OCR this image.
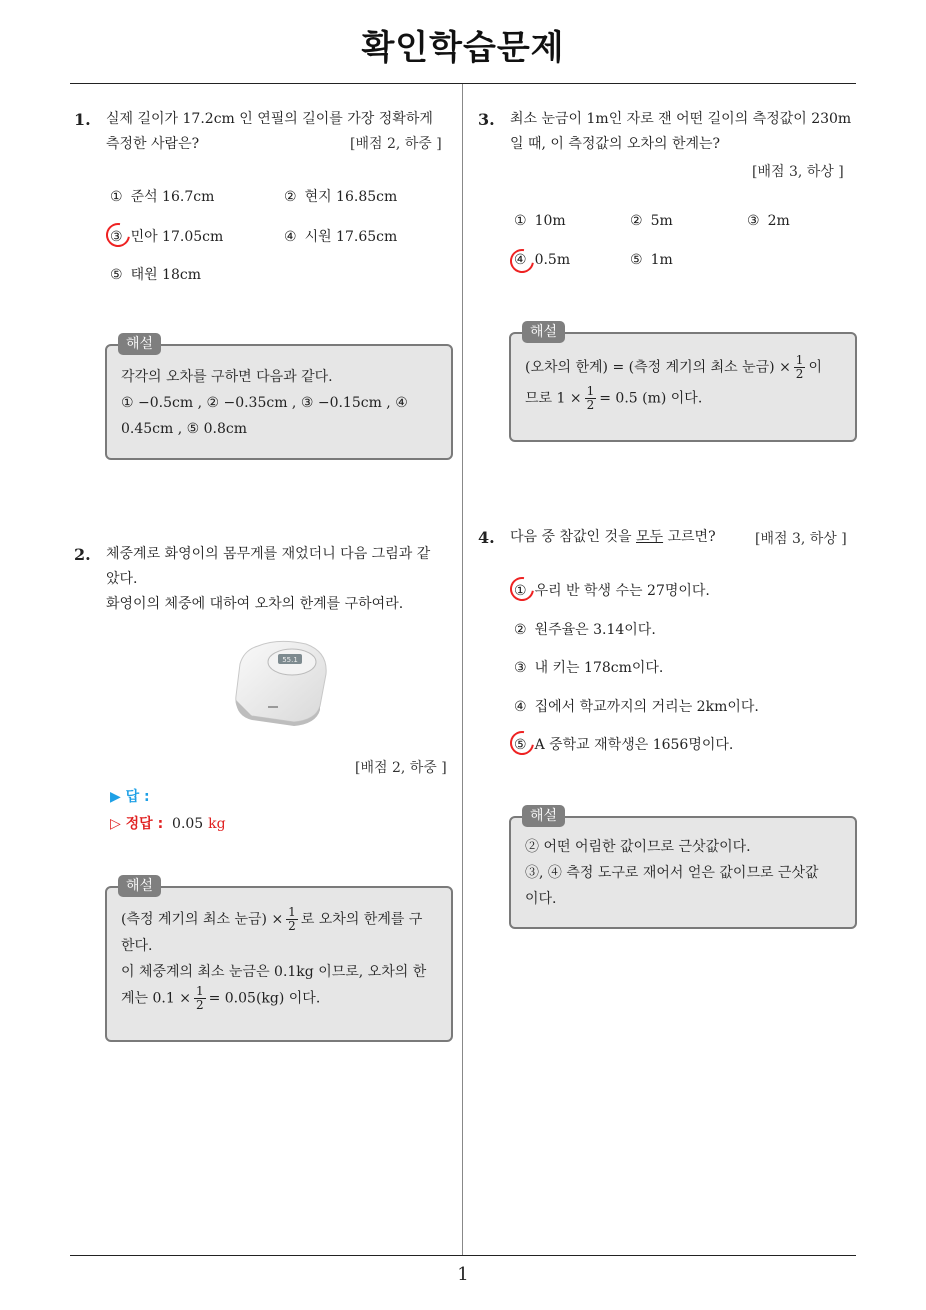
확인학습문제
1. 실제 길이가 17.2cm 인 연필의 길이를 가장 정확하게
측정한 사람은?	[배점 2, 하중 ]
① 준석 16.7cm	② 현지 16.85cm
③ 민아 17.05cm	④ 시원 17.65cm
⑤ 태원 18cm
각각의 오차를 구하면 다음과 같다.
① −0.5cm , ② −0.35cm , ③ −0.15cm , ④
0.45cm , ⑤ 0.8cm
해설
2. 체중계로 화영이의 몸무게를 재었더니 다음 그림과 같
았다.
화영이의 체중에 대하여 오차의 한계를 구하여라.
55.1
[배점 2, 하중 ]
▶ 답 :
▷ 정답 : 0.05 kg
(측정 계기의 최소 눈금) × $\frac{1}{2}$ 로 오차의 한계를 구
한다.
이 체중계의 최소 눈금은 0.1kg 이므로, 오차의 한
계는 $0.1 \times \frac{1}{2} = 0.05(kg)$ 이다.
해설
3. 최소 눈금이 1m인 자로 잰 어떤 길이의 측정값이 230m
일 때, 이 측정값의 오차의 한계는?
[배점 3, 하상 ]
① 10m	② 5m	③ 2m
④ 0.5m	⑤ 1m
(오차의 한계) = (측정 계기의 최소 눈금) × $\frac{1}{2}$ 이
므로 $1 \times \frac{1}{2} = 0.5$ (m) 이다.
해설
4. 다음 중 참값인 것을 모두 고르면?	[배점 3, 하상 ]
① 우리 반 학생 수는 27명이다.
② 원주율은 3.14이다.
③ 내 키는 178cm이다.
④ 집에서 학교까지의 거리는 2km이다.
⑤ A 중학교 재학생은 1656명이다.
② 어떤 어림한 값이므로 근삿값이다.
③, ④ 측정 도구로 재어서 얻은 값이므로 근삿값
이다.
해설
1
